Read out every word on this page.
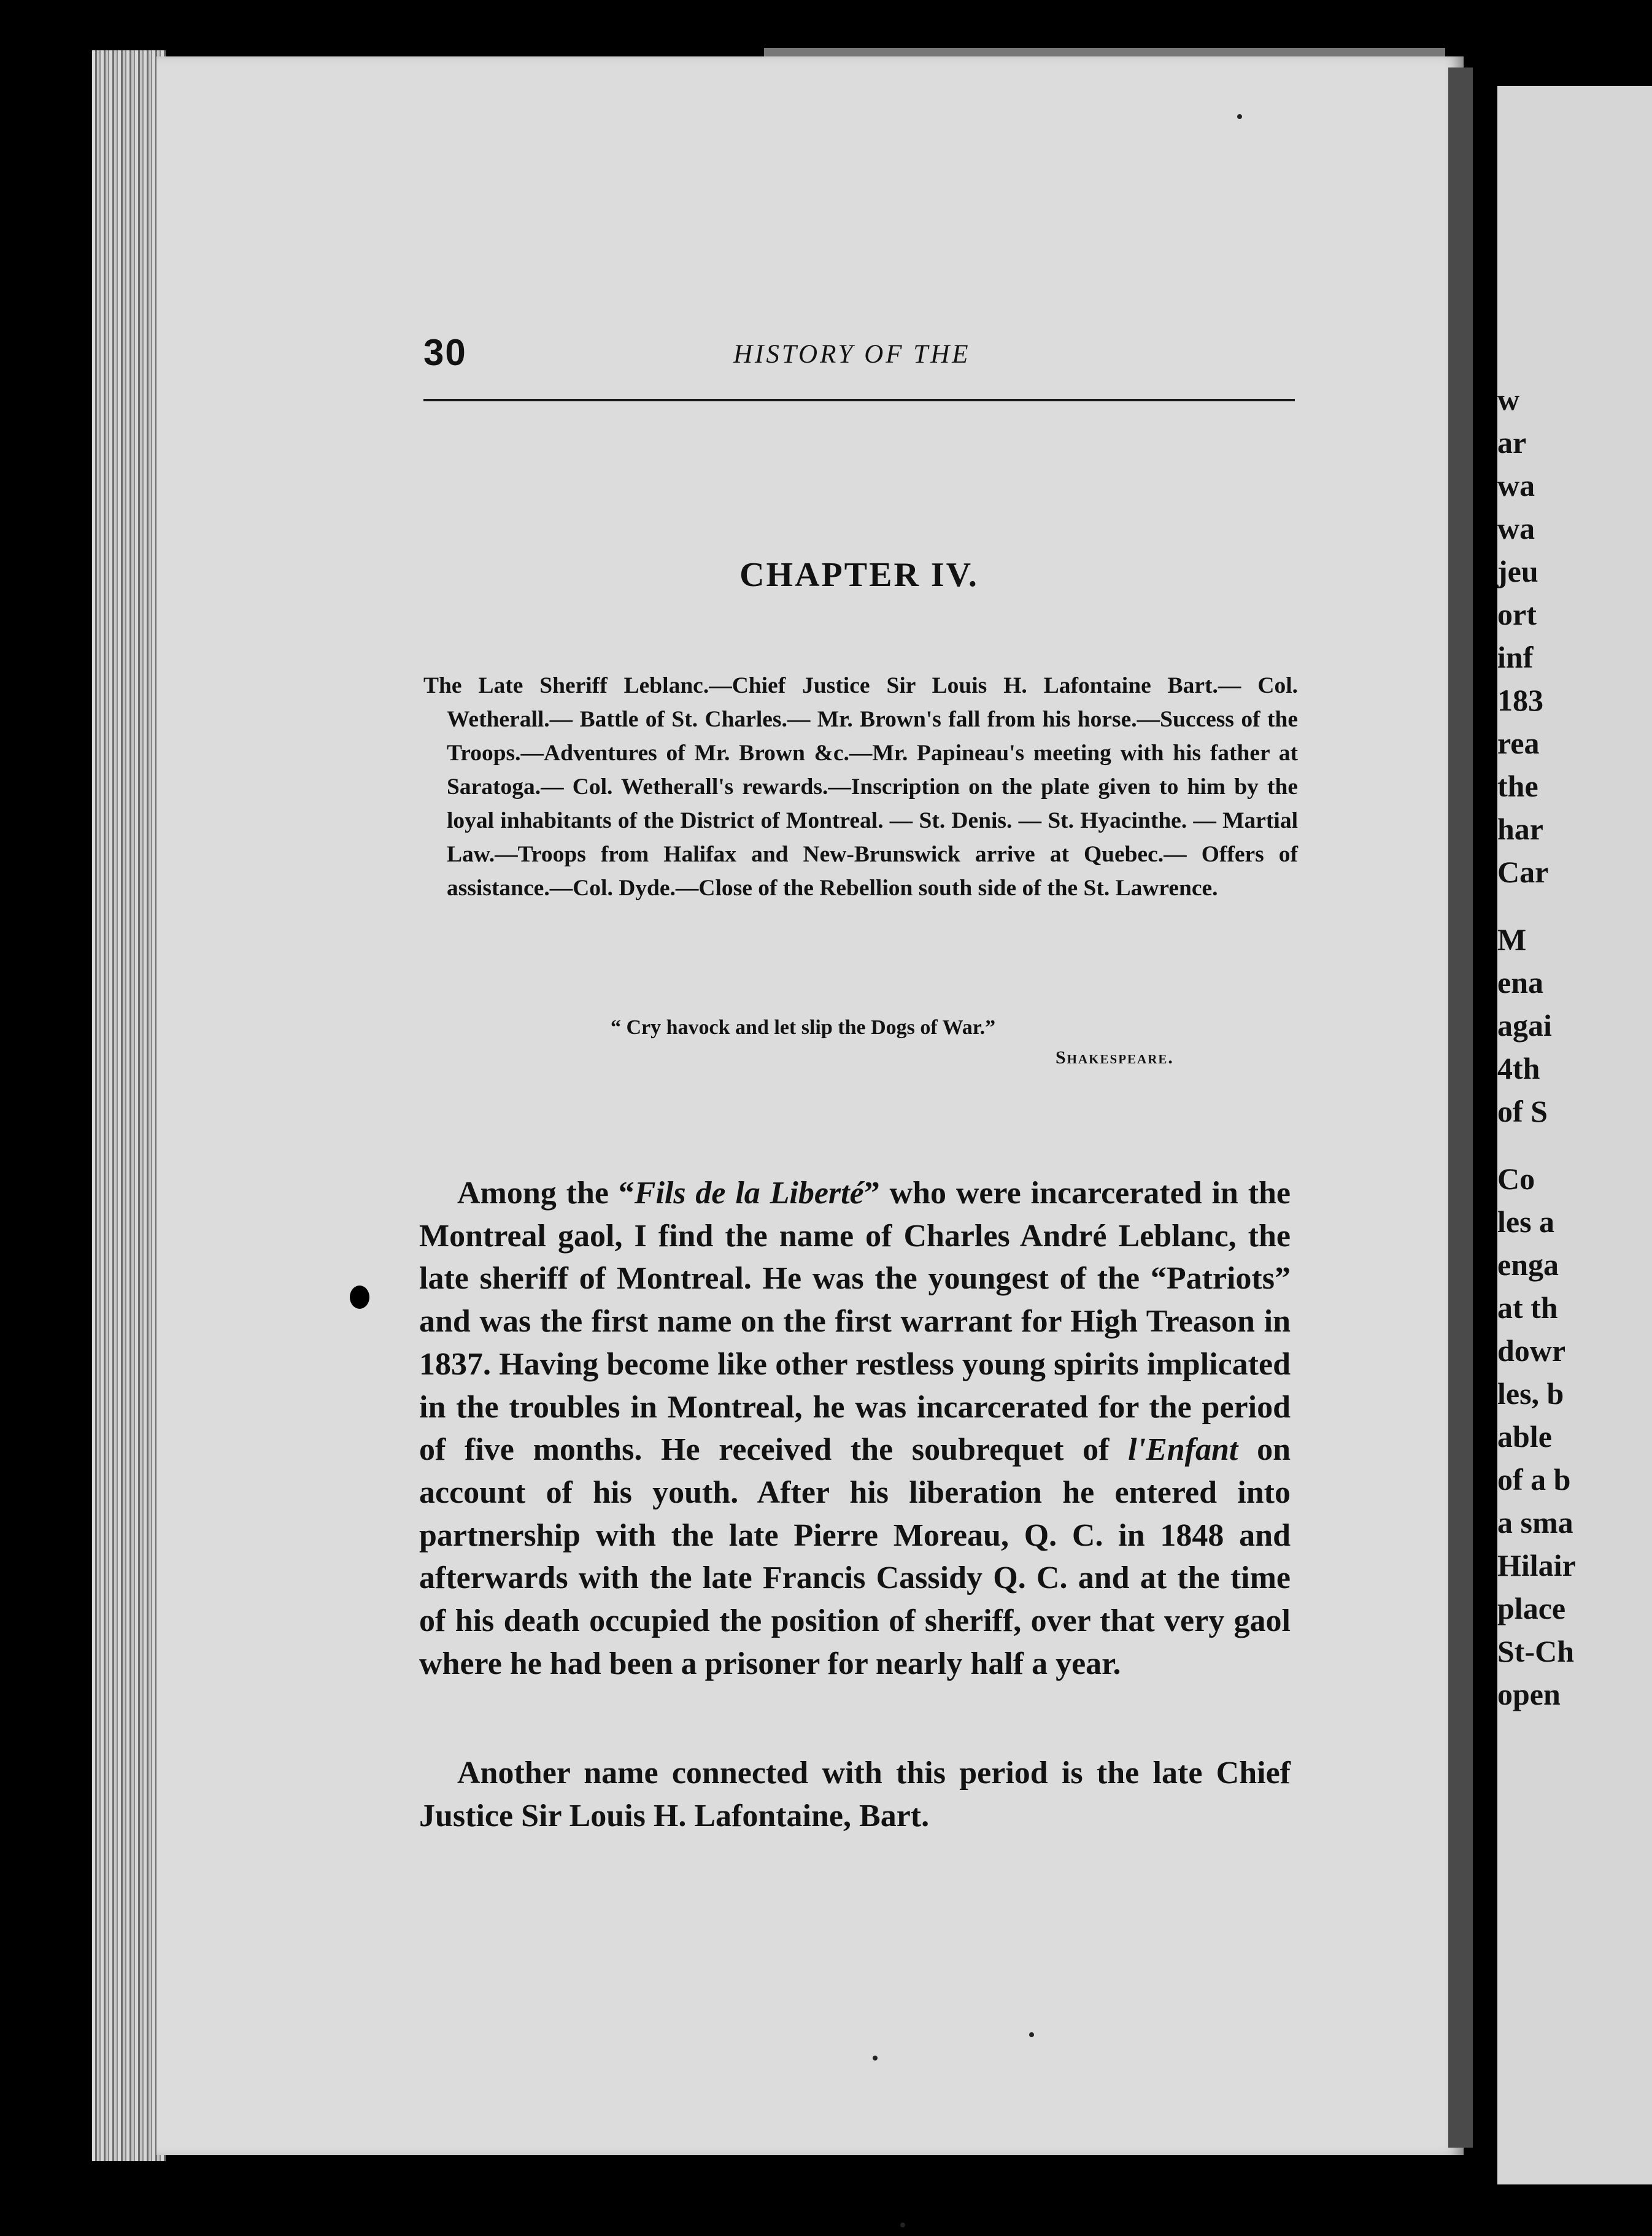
w
ar
wa
wa
jeu
ort
inf
183
rea
the
har
Car
M
ena
agai
4th
of S
Co
les a
enga
at th
dowr
les, b
able
of a b
a sma
Hilair
place
St-Ch
open
30	HISTORY OF THE
CHAPTER IV.
The Late Sheriff Leblanc.—Chief Justice Sir Louis H. Lafontaine Bart.— Col. Wetherall.— Battle of St. Charles.— Mr. Brown's fall from his horse.—Success of the Troops.—Adventures of Mr. Brown &c.—Mr. Papineau's meeting with his father at Saratoga.— Col. Wetherall's rewards.—Inscription on the plate given to him by the loyal inhabitants of the District of Montreal. — St. Denis. — St. Hyacinthe. — Martial Law.—Troops from Halifax and New-Brunswick arrive at Quebec.— Offers of assistance.—Col. Dyde.—Close of the Rebellion south side of the St. Lawrence.
“ Cry havock and let slip the Dogs of War.”
Shakespeare.
Among the “Fils de la Liberté” who were incarcerated in the Montreal gaol, I find the name of Charles André Leblanc, the late sheriff of Montreal. He was the youngest of the “Patriots” and was the first name on the first warrant for High Treason in 1837. Having become like other restless young spirits implicated in the troubles in Montreal, he was incarcerated for the period of five months. He received the soubrequet of l'Enfant on account of his youth. After his liberation he entered into partnership with the late Pierre Moreau, Q. C. in 1848 and afterwards with the late Francis Cassidy Q. C. and at the time of his death occupied the position of sheriff, over that very gaol where he had been a prisoner for nearly half a year.
Another name connected with this period is the late Chief Justice Sir Louis H. Lafontaine, Bart.
